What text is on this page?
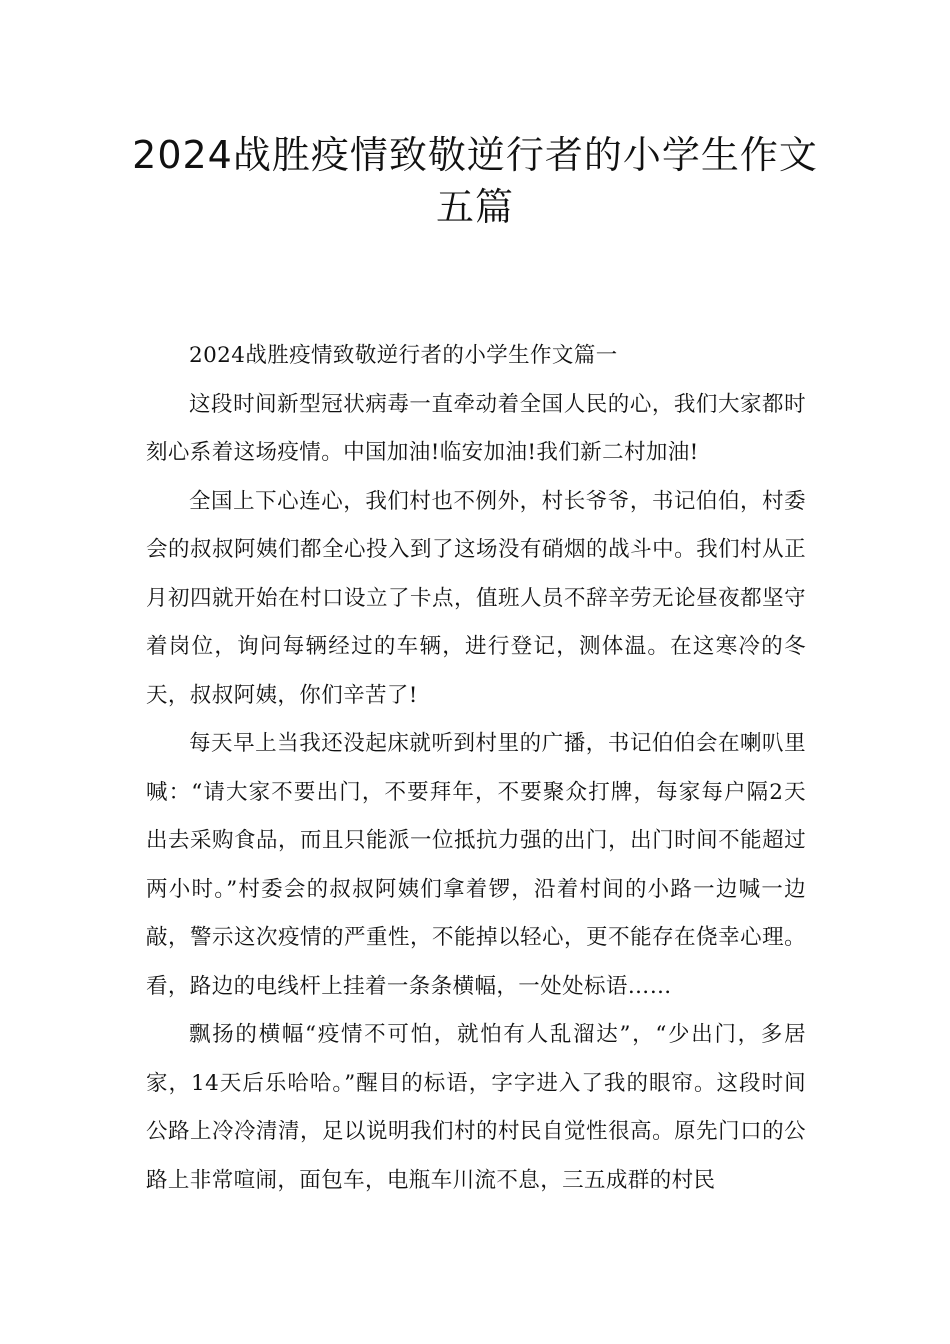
2024战胜疫情致敬逆行者的小学生作文
五篇

2024战胜疫情致敬逆行者的小学生作文篇一

这段时间新型冠状病毒一直牵动着全国人民的心，我们大家都时刻心系着这场疫情。中国加油!临安加油!我们新二村加油!

全国上下心连心，我们村也不例外，村长爷爷，书记伯伯，村委会的叔叔阿姨们都全心投入到了这场没有硝烟的战斗中。我们村从正月初四就开始在村口设立了卡点，值班人员不辞辛劳无论昼夜都坚守着岗位，询问每辆经过的车辆，进行登记，测体温。在这寒冷的冬天，叔叔阿姨，你们辛苦了!

每天早上当我还没起床就听到村里的广播，书记伯伯会在喇叭里喊：“请大家不要出门，不要拜年，不要聚众打牌，每家每户隔2天出去采购食品，而且只能派一位抵抗力强的出门，出门时间不能超过两小时。”村委会的叔叔阿姨们拿着锣，沿着村间的小路一边喊一边敲，警示这次疫情的严重性，不能掉以轻心，更不能存在侥幸心理。看，路边的电线杆上挂着一条条横幅，一处处标语……

飘扬的横幅“疫情不可怕，就怕有人乱溜达”，“少出门，多居家，14天后乐哈哈。”醒目的标语，字字进入了我的眼帘。这段时间公路上冷冷清清，足以说明我们村的村民自觉性很高。原先门口的公路上非常喧闹，面包车，电瓶车川流不息，三五成群的村民
